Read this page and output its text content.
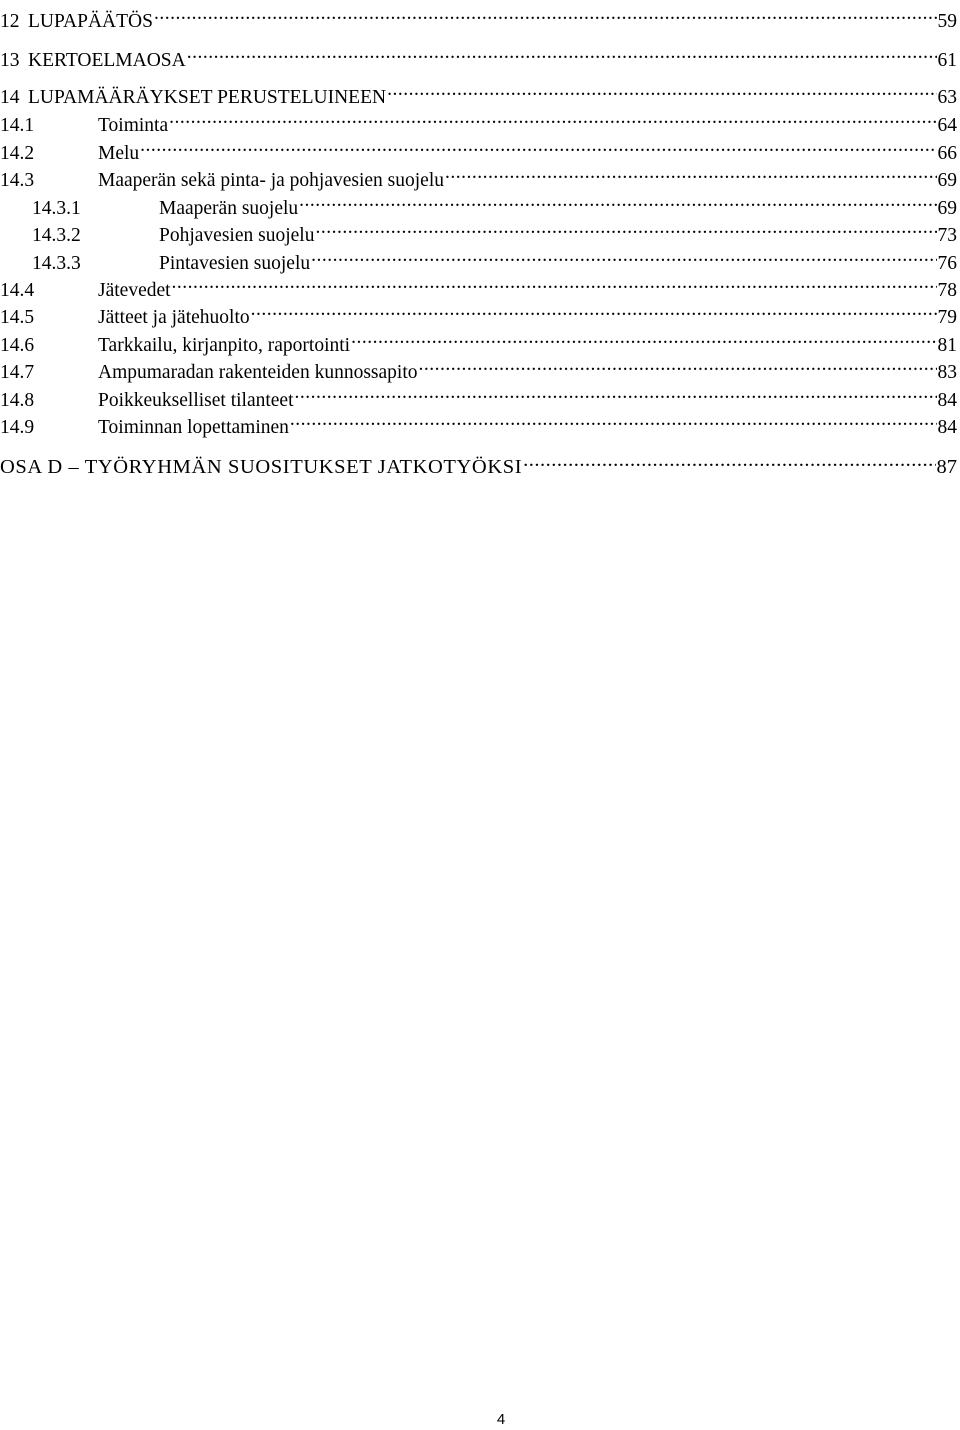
12 LUPAPÄÄTÖS .....	59
13 KERTOELMAOSA .....	61
14 LUPAMÄÄRÄYKSET PERUSTELUINEEN .....	63
14.1	Toiminta .....	64
14.2	Melu .....	66
14.3	Maaperän sekä pinta- ja pohjavesien suojelu .....	69
14.3.1	Maaperän suojelu .....	69
14.3.2	Pohjavesien suojelu .....	73
14.3.3	Pintavesien suojelu .....	76
14.4	Jätevedet .....	78
14.5	Jätteet ja jätehuolto .....	79
14.6	Tarkkailu, kirjanpito, raportointi .....	81
14.7	Ampumaradan rakenteiden kunnossapito .....	83
14.8	Poikkeukselliset tilanteet .....	84
14.9	Toiminnan lopettaminen .....	84
OSA D – TYÖRYHMÄN SUOSITUKSET JATKOTYÖKSI .....	87
4
